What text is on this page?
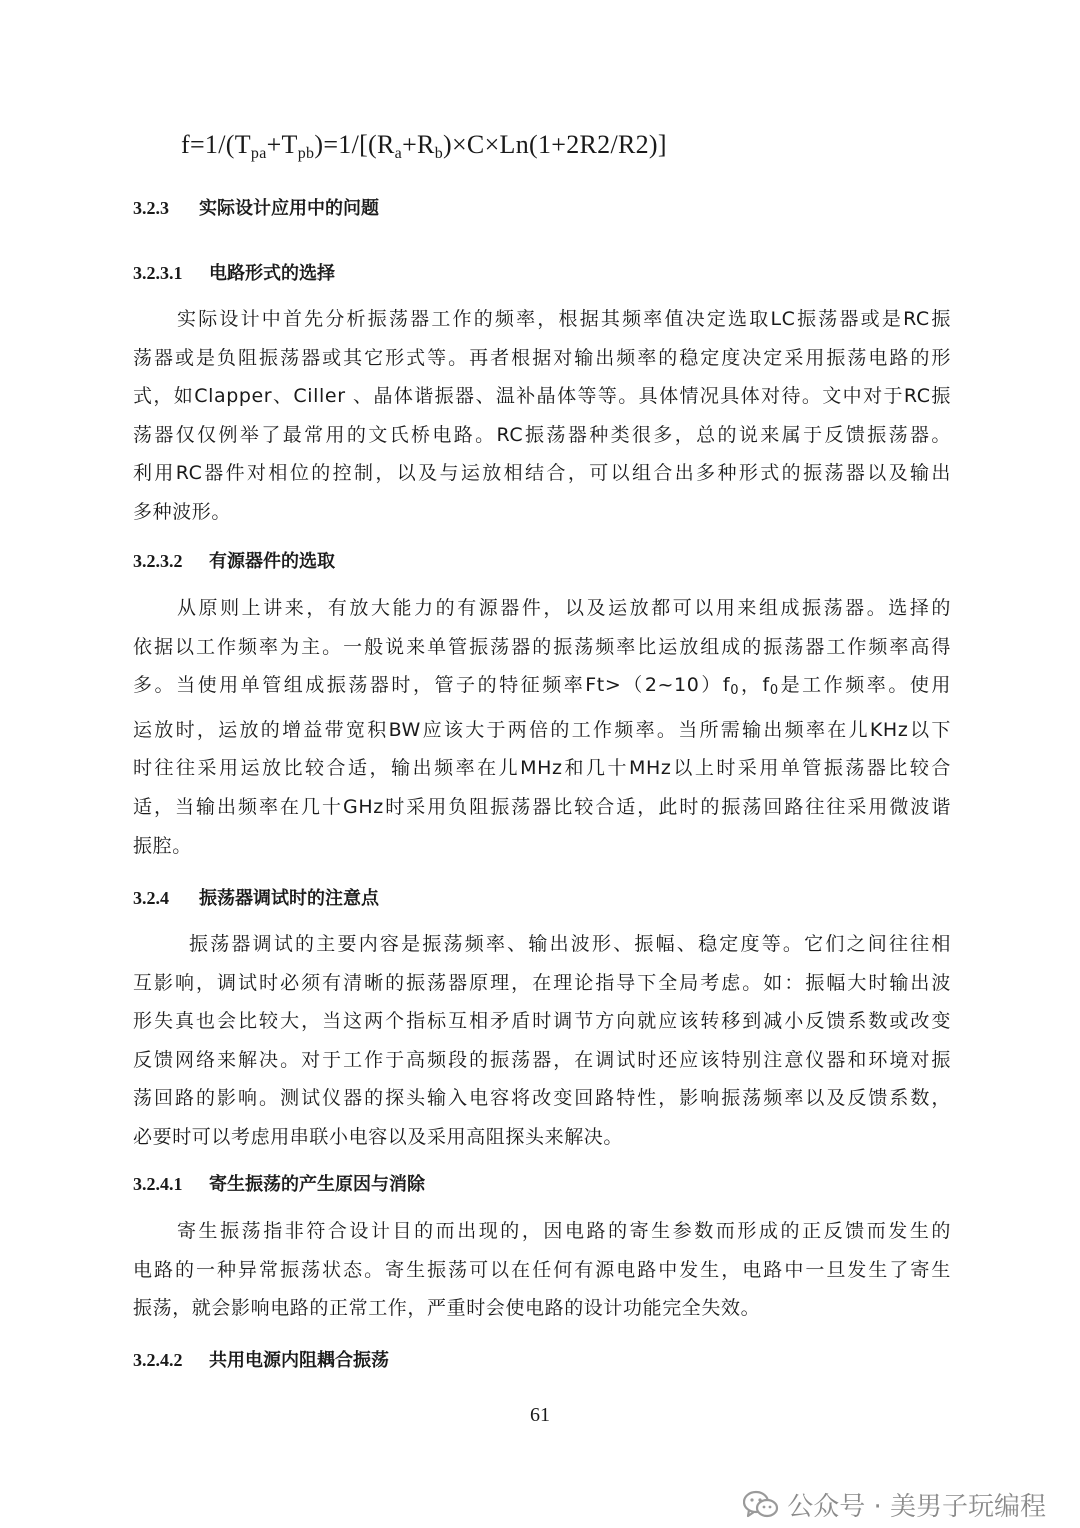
$f=1/(T_{pa}+T_{pb})=1/[(R_a+R_b)\times C\times Ln(1+2R2/R2)]$
3.2.3 实际设计应用中的问题
3.2.3.1 电路形式的选择
实际设计中首先分析振荡器工作的频率，根据其频率值决定选取LC振荡器或是RC振
荡器或是负阻振荡器或其它形式等。再者根据对输出频率的稳定度决定采用振荡电路的形
式，如Clapper、Ciller 、晶体谐振器、温补晶体等等。具体情况具体对待。文中对于RC振
荡器仅仅例举了最常用的文氏桥电路。RC振荡器种类很多，总的说来属于反馈振荡器。
利用RC器件对相位的控制，以及与运放相结合，可以组合出多种形式的振荡器以及输出
多种波形。
3.2.3.2 有源器件的选取
从原则上讲来，有放大能力的有源器件，以及运放都可以用来组成振荡器。选择的
依据以工作频率为主。一般说来单管振荡器的振荡频率比运放组成的振荡器工作频率高得
多。当使用单管组成振荡器时，管子的特征频率$Ft>(2\sim 10)f_0$，$f_0$是工作频率。使用
运放时，运放的增益带宽积BW应该大于两倍的工作频率。当所需输出频率在儿KHz以下
时往往采用运放比较合适，输出频率在儿MHz和几十MHz以上时采用单管振荡器比较合
适，当输出频率在几十GHz时采用负阻振荡器比较合适，此时的振荡回路往往采用微波谐
振腔。
3.2.4 振荡器调试时的注意点
振荡器调试的主要内容是振荡频率、输出波形、振幅、稳定度等。它们之间往往相
互影响，调试时必须有清晰的振荡器原理，在理论指导下全局考虑。如：振幅大时输出波
形失真也会比较大，当这两个指标互相矛盾时调节方向就应该转移到减小反馈系数或改变
反馈网络来解决。对于工作于高频段的振荡器，在调试时还应该特别注意仪器和环境对振
荡回路的影响。测试仪器的探头输入电容将改变回路特性，影响振荡频率以及反馈系数，
必要时可以考虑用串联小电容以及采用高阻探头来解决。
3.2.4.1 寄生振荡的产生原因与消除
寄生振荡指非符合设计目的而出现的，因电路的寄生参数而形成的正反馈而发生的
电路的一种异常振荡状态。寄生振荡可以在任何有源电路中发生，电路中一旦发生了寄生
振荡，就会影响电路的正常工作，严重时会使电路的设计功能完全失效。
3.2.4.2 共用电源内阻耦合振荡
61
公众号 · 美男子玩编程
